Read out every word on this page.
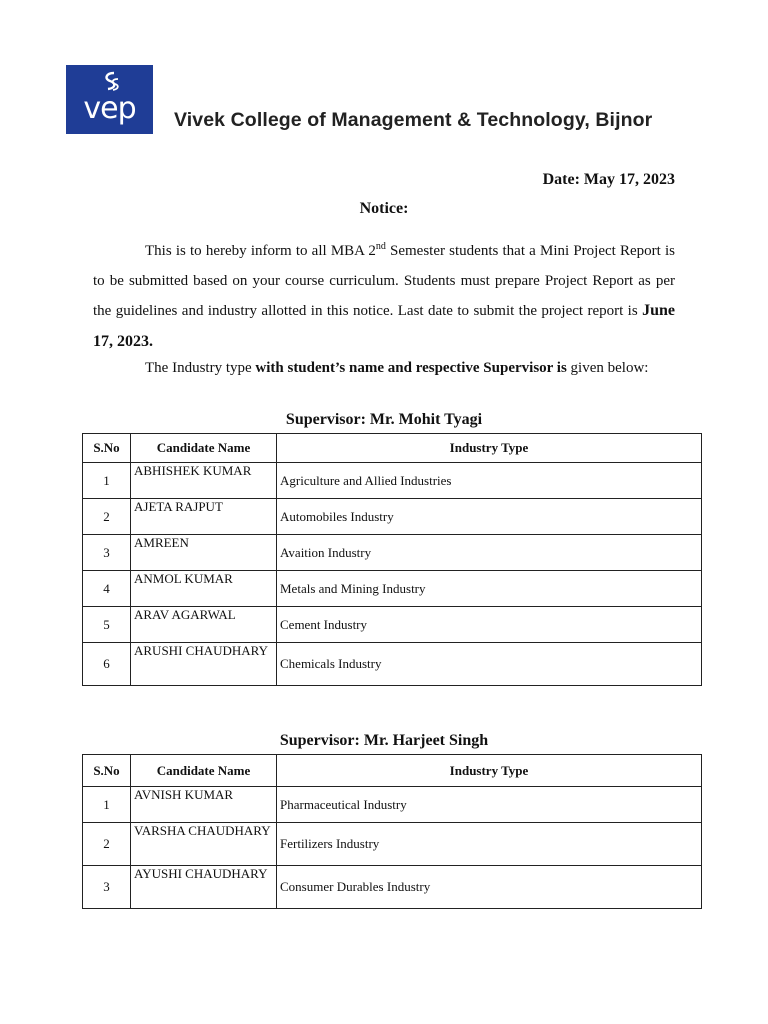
vep	Vivek College of Management & Technology, Bijnor
Date: May 17, 2023
Notice:

This is to hereby inform to all MBA 2nd Semester students that a Mini Project Report is to be submitted based on your course curriculum. Students must prepare Project Report as per the guidelines and industry allotted in this notice. Last date to submit the project report is June 17, 2023.

The Industry type with student’s name and respective Supervisor is given below:

Supervisor: Mr. Mohit Tyagi
S.No	Candidate Name	Industry Type
1	ABHISHEK KUMAR	Agriculture and Allied Industries
2	AJETA RAJPUT	Automobiles Industry
3	AMREEN	Avaition Industry
4	ANMOL KUMAR	Metals and Mining Industry
5	ARAV AGARWAL	Cement Industry
6	ARUSHI CHAUDHARY	Chemicals Industry
Supervisor: Mr. Harjeet Singh
S.No	Candidate Name	Industry Type
1	AVNISH KUMAR	Pharmaceutical Industry
2	VARSHA CHAUDHARY	Fertilizers Industry
3	AYUSHI CHAUDHARY	Consumer Durables Industry
